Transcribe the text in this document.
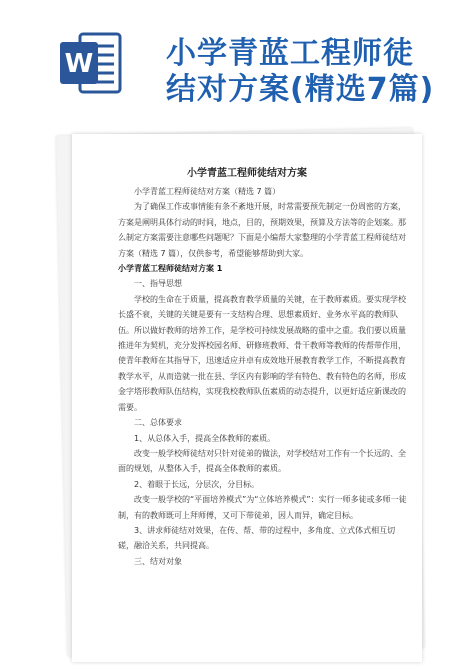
W 小学青蓝工程师徒
结对方案(精选7篇)
小学青蓝工程师徒结对方案

小学青蓝工程师徒结对方案（精选 7 篇）

为了确保工作或事情能有条不紊地开展，时常需要预先制定一份周密的方案，方案是阐明具体行动的时间，地点，目的，预期效果，预算及方法等的企划案。那么制定方案需要注意哪些问题呢？下面是小编帮大家整理的小学青蓝工程师徒结对方案（精选 7 篇），仅供参考，希望能够帮助到大家。

小学青蓝工程师徒结对方案 1

一、指导思想

学校的生命在于质量，提高教育教学质量的关键，在于教师素质。要实现学校长盛不衰，关键的关键是要有一支结构合理、思想素质好、业务水平高的教师队伍。所以做好教师的培养工作，是学校可持续发展战略的重中之重。我们要以质量推进年为契机，充分发挥校园名师、研修班教师、骨干教师等教师的传帮带作用，使青年教师在其指导下，迅速适应并卓有成效地开展教育教学工作，不断提高教育教学水平，从而造就一批在县、学区内有影响的学有特色、教有特色的名师，形成金字塔形教师队伍结构，实现我校教师队伍素质的动态提升，以更好适应新课改的需要。

二、总体要求

1、从总体入手，提高全体教师的素质。

改变一般学校师徒结对只针对徒弟的做法，对学校结对工作有一个长远的、全面的规划，从整体入手，提高全体教师的素质。

2、着眼于长远，分层次，分目标。

改变一般学校的“平面培养模式”为“立体培养模式”：实行一师多徒或多师一徒制，有的教师既可上拜师傅，又可下带徒弟，因人而异，确定目标。

3、讲求师徒结对效果，在传、帮、带的过程中，多角度、立式体式相互切磋，融洽关系，共同提高。

三、结对对象
